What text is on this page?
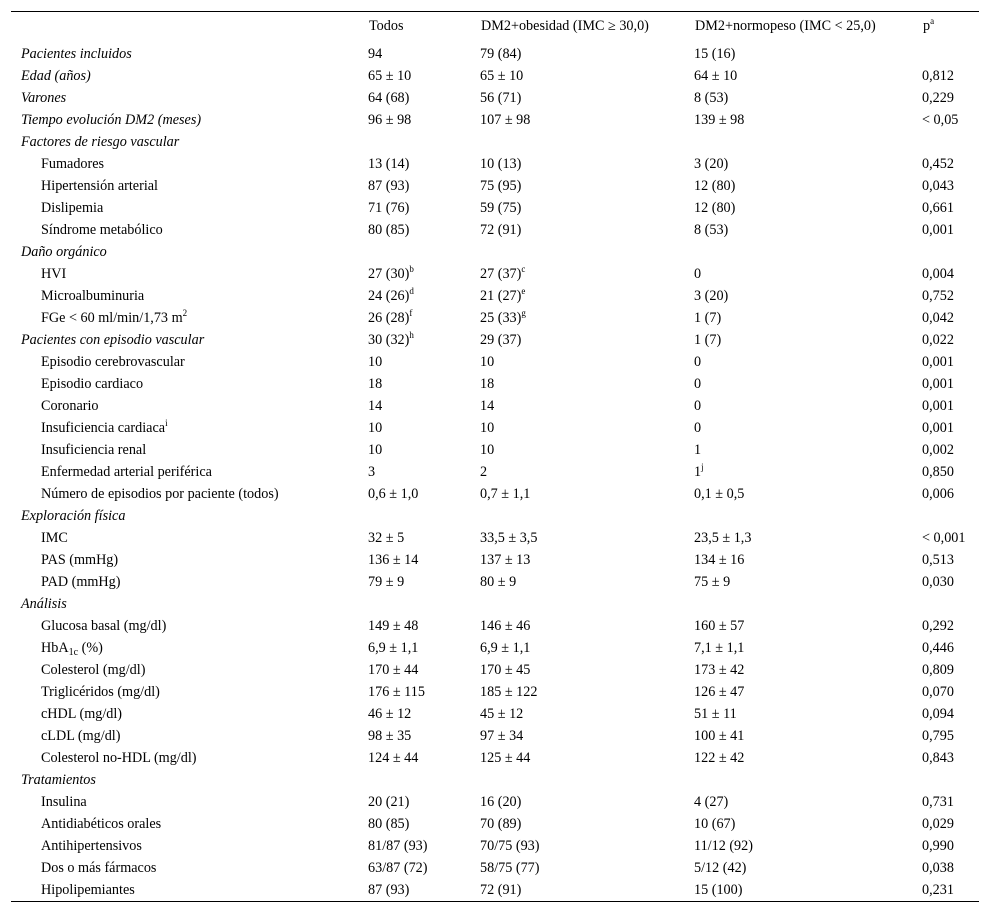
	Todos	DM2+obesidad (IMC ≥ 30,0)	DM2+normopeso (IMC < 25,0)	$p^a$
Pacientes incluidos	94	79 (84)	15 (16)	
Edad (años)	65 ± 10	65 ± 10	64 ± 10	0,812
Varones	64 (68)	56 (71)	8 (53)	0,229
Tiempo evolución DM2 (meses)	96 ± 98	107 ± 98	139 ± 98	< 0,05
Factores de riesgo vascular				
Fumadores	13 (14)	10 (13)	3 (20)	0,452
Hipertensión arterial	87 (93)	75 (95)	12 (80)	0,043
Dislipemia	71 (76)	59 (75)	12 (80)	0,661
Síndrome metabólico	80 (85)	72 (91)	8 (53)	0,001
Daño orgánico				
HVI	27 $(30)^b$	27 $(37)^c$	0	0,004
Microalbuminuria	24 $(26)^d$	21 $(27)^e$	3 (20)	0,752
FGe < 60 ml/min/1,73 $m^2$	26 $(28)^f$	25 $(33)^g$	1 (7)	0,042
Pacientes con episodio vascular	30 $(32)^h$	29 (37)	1 (7)	0,022
Episodio cerebrovascular	10	10	0	0,001
Episodio cardiaco	18	18	0	0,001
Coronario	14	14	0	0,001
Insuficiencia cardiaca$^i$	10	10	0	0,001
Insuficiencia renal	10	10	1	0,002
Enfermedad arterial periférica	3	2	1$^j$	0,850
Número de episodios por paciente (todos)	0,6 ± 1,0	0,7 ± 1,1	0,1 ± 0,5	0,006
Exploración física				
IMC	32 ± 5	33,5 ± 3,5	23,5 ± 1,3	< 0,001
PAS (mmHg)	136 ± 14	137 ± 13	134 ± 16	0,513
PAD (mmHg)	79 ± 9	80 ± 9	75 ± 9	0,030
Análisis				
Glucosa basal (mg/dl)	149 ± 48	146 ± 46	160 ± 57	0,292
HbA$_{1c}$ (%)	6,9 ± 1,1	6,9 ± 1,1	7,1 ± 1,1	0,446
Colesterol (mg/dl)	170 ± 44	170 ± 45	173 ± 42	0,809
Triglicéridos (mg/dl)	176 ± 115	185 ± 122	126 ± 47	0,070
cHDL (mg/dl)	46 ± 12	45 ± 12	51 ± 11	0,094
cLDL (mg/dl)	98 ± 35	97 ± 34	100 ± 41	0,795
Colesterol no-HDL (mg/dl)	124 ± 44	125 ± 44	122 ± 42	0,843
Tratamientos				
Insulina	20 (21)	16 (20)	4 (27)	0,731
Antidiabéticos orales	80 (85)	70 (89)	10 (67)	0,029
Antihipertensivos	81/87 (93)	70/75 (93)	11/12 (92)	0,990
Dos o más fármacos	63/87 (72)	58/75 (77)	5/12 (42)	0,038
Hipolipemiantes	87 (93)	72 (91)	15 (100)	0,231
